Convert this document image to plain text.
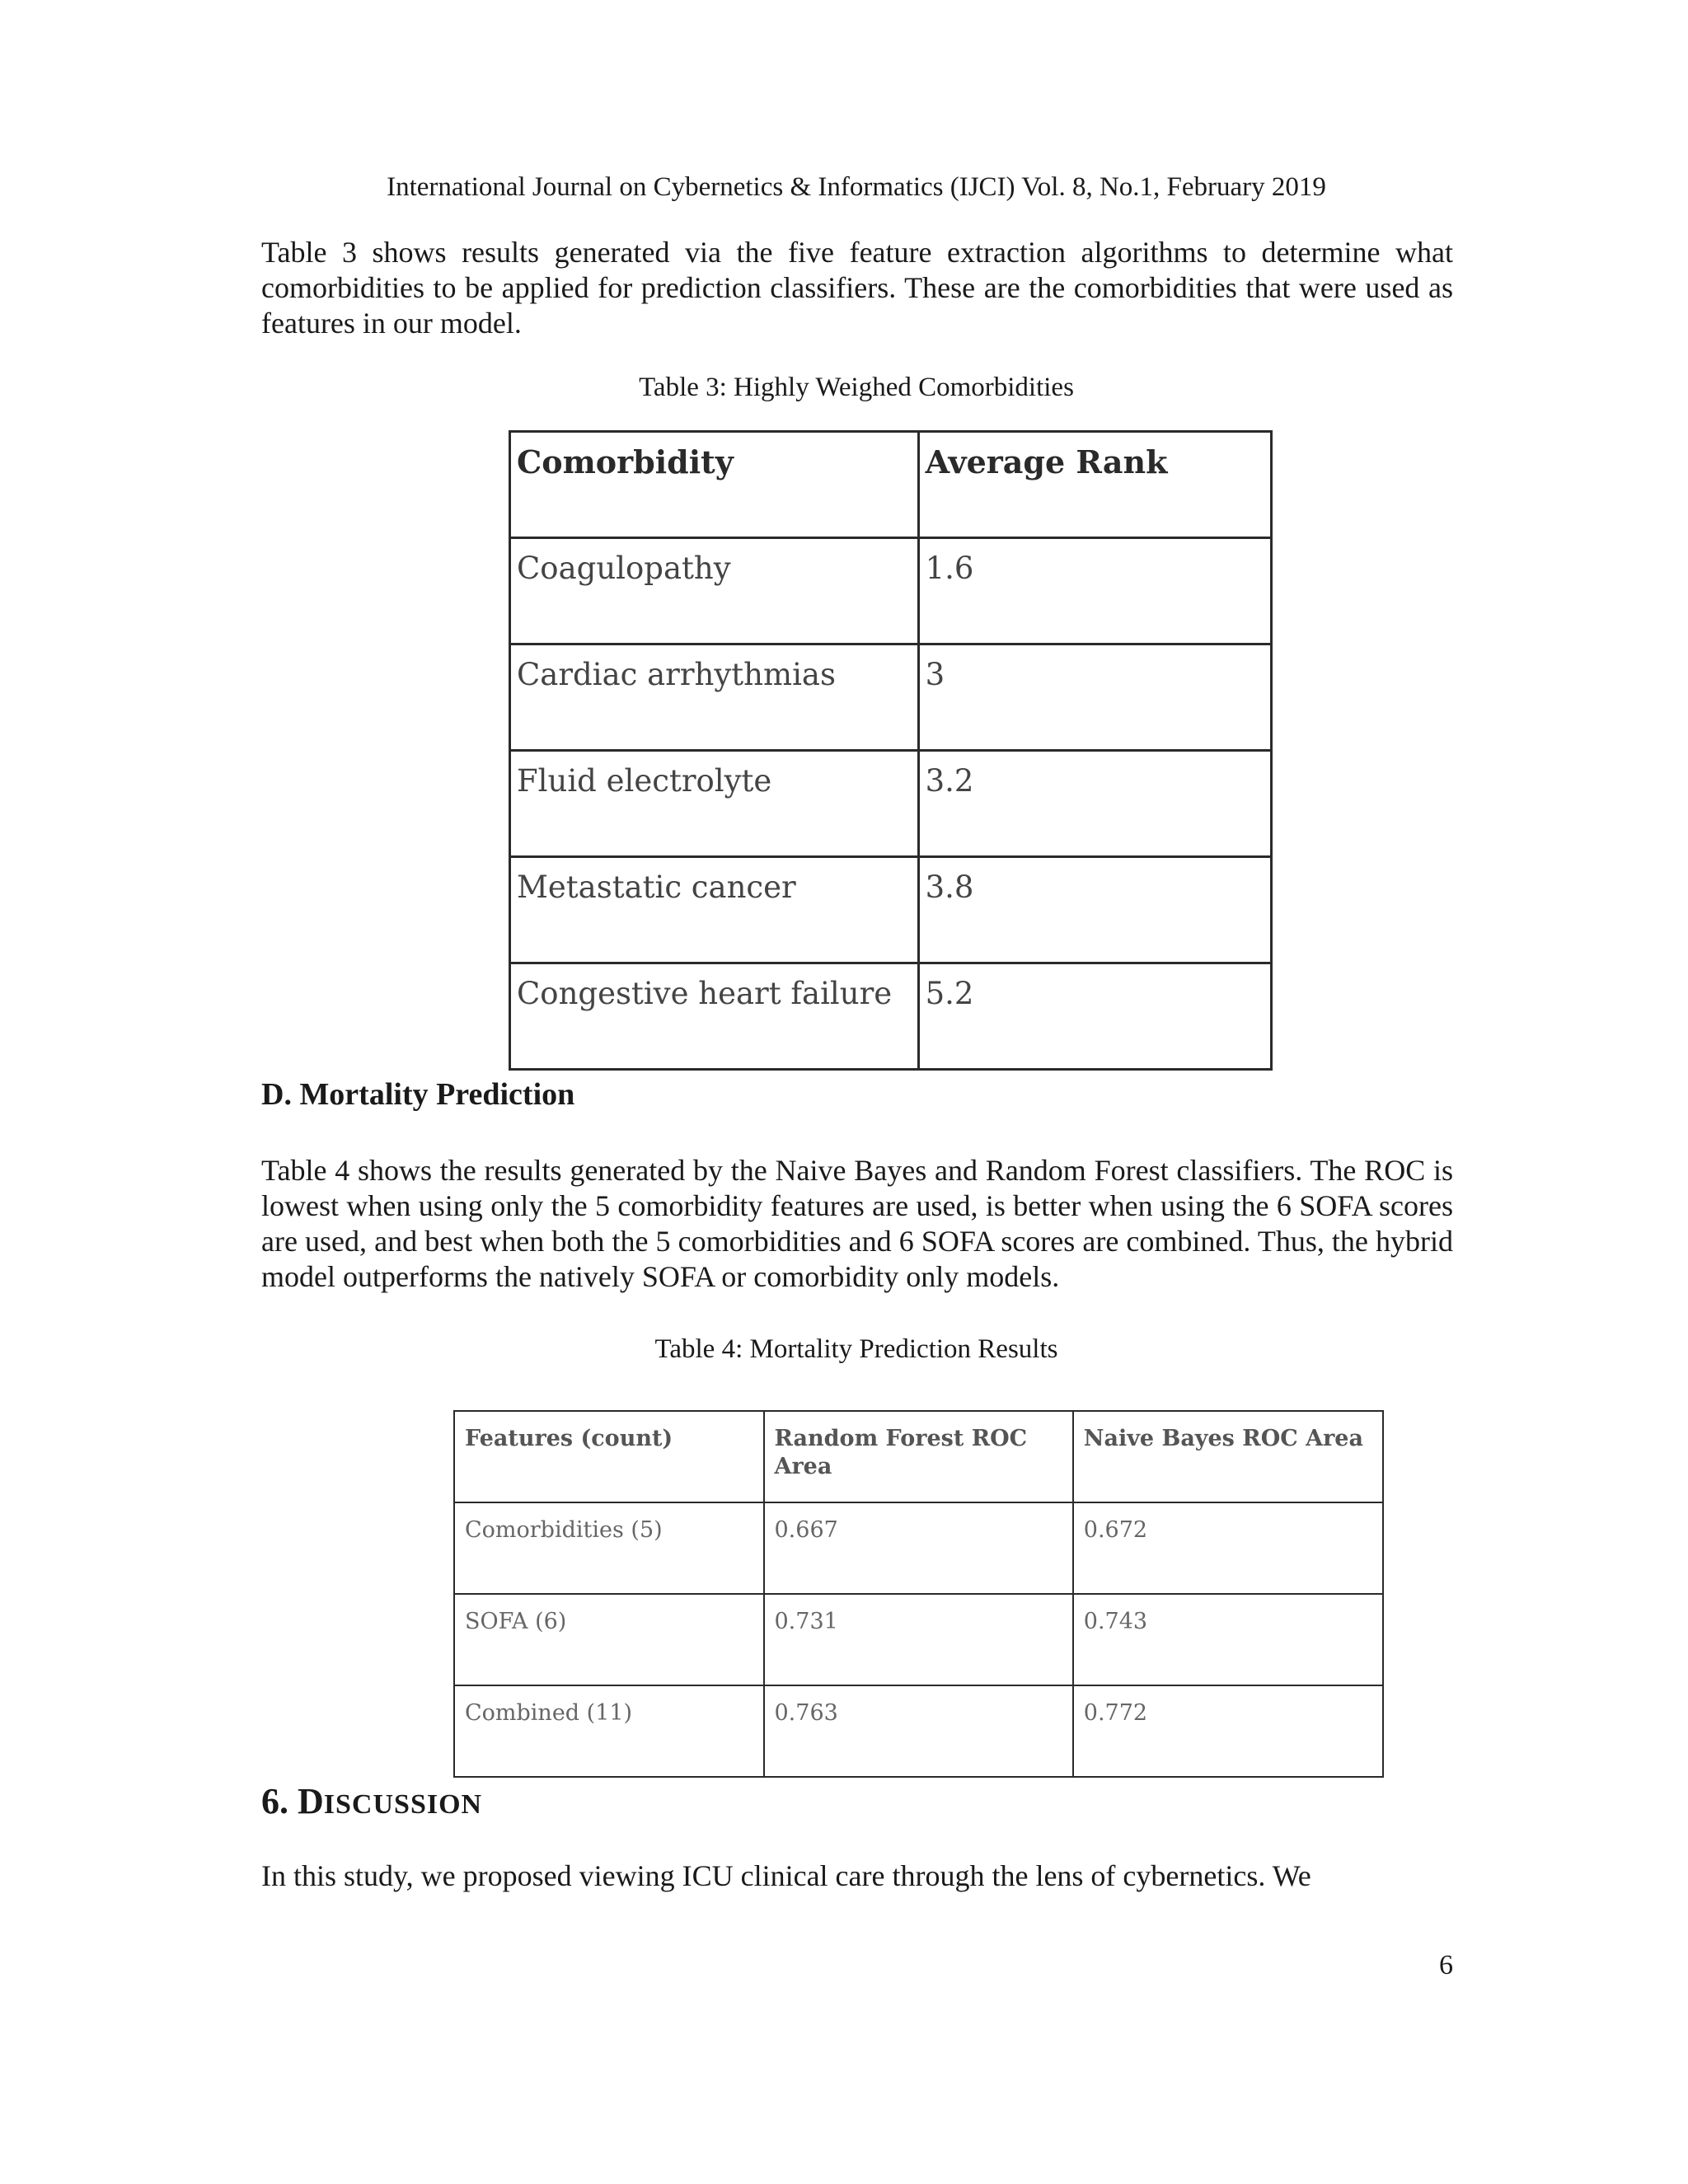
International Journal on Cybernetics & Informatics (IJCI) Vol. 8, No.1, February 2019

Table 3 shows results generated via the five feature extraction algorithms to determine what comorbidities to be applied for prediction classifiers. These are the comorbidities that were used as features in our model.

Table 3: Highly Weighed Comorbidities
Comorbidity	Average Rank
Coagulopathy	1.6
Cardiac arrhythmias	3
Fluid electrolyte	3.2
Metastatic cancer	3.8
Congestive heart failure	5.2
D. Mortality Prediction

Table 4 shows the results generated by the Naive Bayes and Random Forest classifiers. The ROC is lowest when using only the 5 comorbidity features are used, is better when using the 6 SOFA scores are used, and best when both the 5 comorbidities and 6 SOFA scores are combined. Thus, the hybrid model outperforms the natively SOFA or comorbidity only models.

Table 4: Mortality Prediction Results
Features (count)	Random Forest ROC Area	Naive Bayes ROC Area
Comorbidities (5)	0.667	0.672
SOFA (6)	0.731	0.743
Combined (11)	0.763	0.772
6. DISCUSSION

In this study, we proposed viewing ICU clinical care through the lens of cybernetics. We

6
